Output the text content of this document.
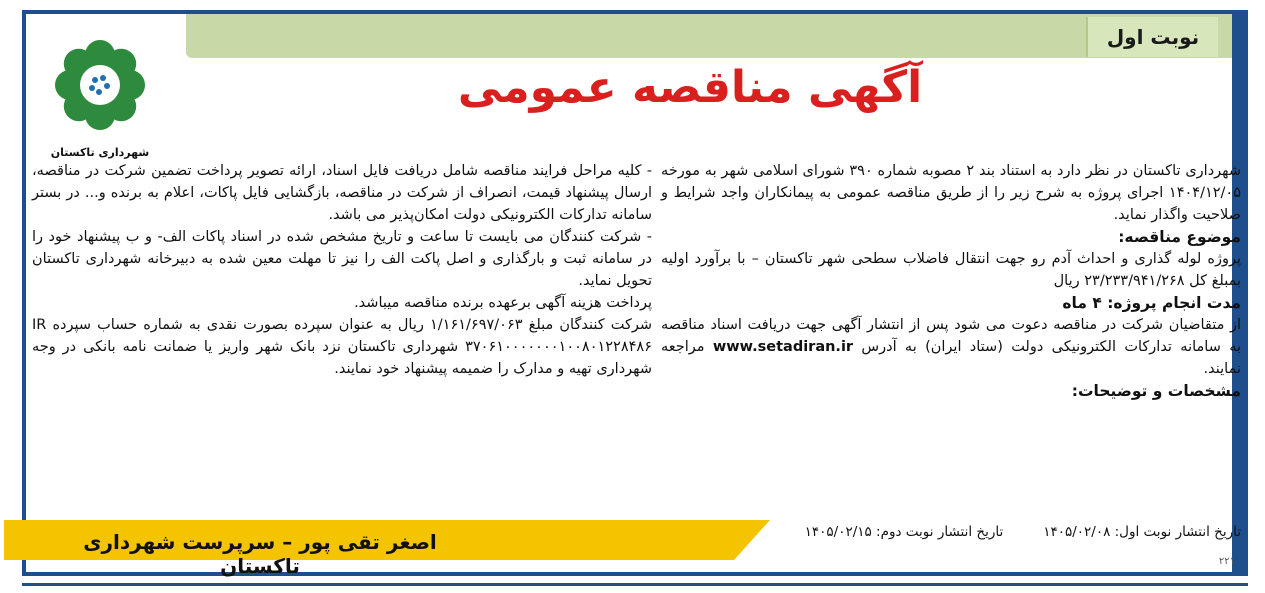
نوبت اول
شهرداری تاکستان
آگهی مناقصه عمومی

شهرداری تاکستان در نظر دارد به استناد بند ۲ مصوبه شماره ۳۹۰ شورای اسلامی شهر به مورخه ۱۴۰۴/۱۲/۰۵ اجرای پروژه به شرح زیر را از طریق مناقصه عمومی به پیمانکاران واجد شرایط و صلاحیت واگذار نماید.

موضوع مناقصه:

پروژه لوله گذاری و احداث آدم رو جهت انتقال فاضلاب سطحی شهر تاکستان – با برآورد اولیه بمبلغ کل ۲۳/۲۳۳/۹۴۱/۲۶۸ ریال

مدت انجام پروژه: ۴ ماه

از متقاضیان شرکت در مناقصه دعوت می شود پس از انتشار آگهی جهت دریافت اسناد مناقصه به سامانه تدارکات الکترونیکی دولت (ستاد ایران) به آدرس www.setadiran.ir مراجعه نمایند.

مشخصات و توضیحات:

- کلیه مراحل فرایند مناقصه شامل دریافت فایل اسناد، ارائه تصویر پرداخت تضمین شرکت در مناقصه، ارسال پیشنهاد قیمت، انصراف از شرکت در مناقصه، بازگشایی فایل پاکات، اعلام به برنده و... در بستر سامانه تدارکات الکترونیکی دولت امکان‌پذیر می باشد.

- شرکت کنندگان می بایست تا ساعت و تاریخ مشخص شده در اسناد پاکات الف- و ب پیشنهاد خود را در سامانه ثبت و بارگذاری و اصل پاکت الف را نیز تا مهلت معین شده به دبیرخانه شهرداری تاکستان تحویل نماید.

پرداخت هزینه آگهی برعهده برنده مناقصه میباشد.

شرکت کنندگان مبلغ ۱/۱۶۱/۶۹۷/۰۶۳ ریال به عنوان سپرده بصورت نقدی به شماره حساب سپرده IR ۳۷۰۶۱۰۰۰۰۰۰۰۱۰۰۸۰۱۲۲۸۴۸۶ شهرداری تاکستان نزد بانک شهر واریز یا ضمانت نامه بانکی در وجه شهرداری تهیه و مدارک را ضمیمه پیشنهاد خود نمایند.

تاریخ انتشار نوبت اول: ۱۴۰۵/۰۲/۰۸
تاریخ انتشار نوبت دوم: ۱۴۰۵/۰۲/۱۵
اصغر تقی پور – سرپرست شهرداری تاکستان	۲۲۱
